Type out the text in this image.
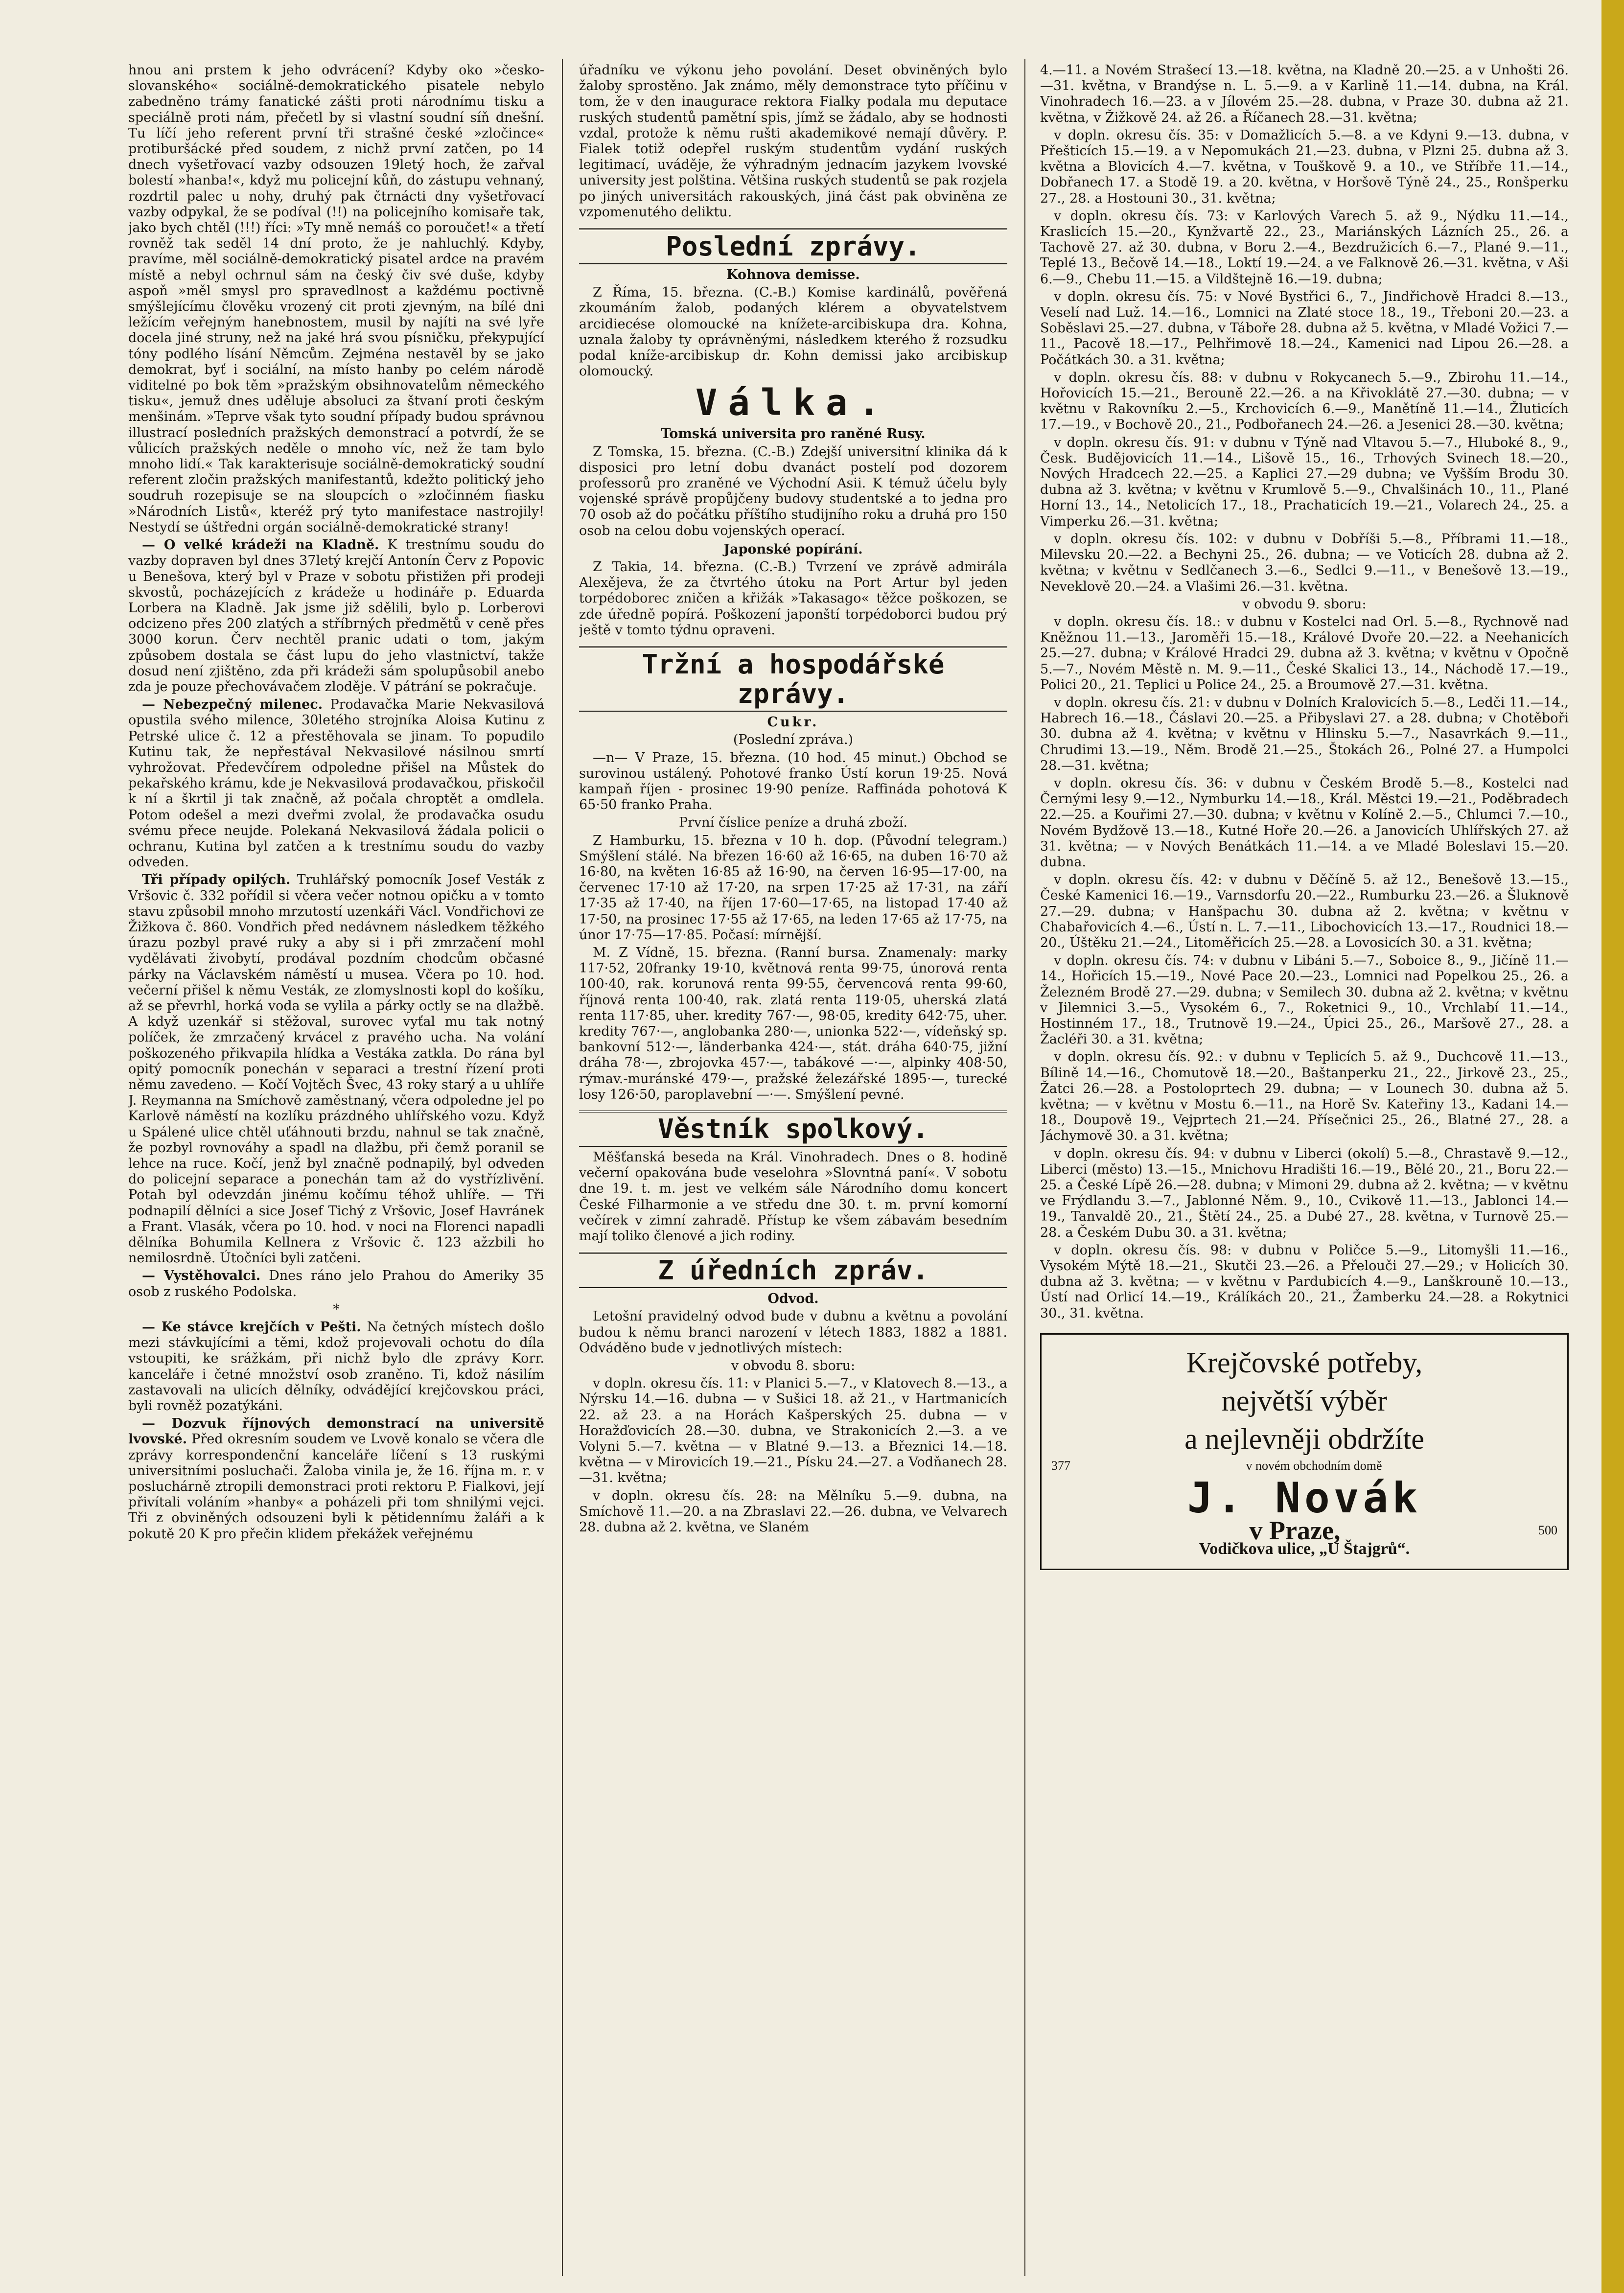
hnou ani prstem k jeho odvrácení? Kdyby oko »česko-slovanského« sociálně-demokratického pisatele nebylo zabedněno trámy fanatické zášti proti národnímu tisku a speciálně proti nám, přečetl by si vlastní soudní síň dnešní. Tu líčí jeho referent první tři strašné české »zločince« protiburšácké před soudem, z nichž první zatčen, po 14 dnech vyšetřovací vazby odsouzen 19letý hoch, že zařval bolestí »hanba!«, když mu policejní kůň, do zástupu vehnaný, rozdrtil palec u nohy, druhý pak čtrnácti dny vyšetřovací vazby odpykal, že se podíval (!!) na policejního komisaře tak, jako bych chtěl (!!!) říci: »Ty mně nemáš co poroučet!« a třetí rovněž tak seděl 14 dní proto, že je nahluchlý. Kdyby, pravíme, měl sociálně-demokratický pisatel ardce na pravém místě a nebyl ochrnul sám na český čiv své duše, kdyby aspoň »měl smysl pro spravedlnost a každému poctivně smýšlejícímu člověku vrozený cit proti zjevným, na bílé dni ležícím veřejným hanebnostem, musil by najíti na své lyře docela jiné struny, než na jaké hrá svou písničku, překypující tóny podlého lísání Němcům. Zejména nestavěl by se jako demokrat, byť i sociální, na místo hanby po celém národě viditelné po bok těm »pražským obsihnovatelům německého tisku«, jemuž dnes uděluje absoluci za štvaní proti českým menšinám. »Teprve však tyto soudní případy budou správnou illustrací posledních pražských demonstrací a potvrdí, že se vůlicích pražských neděle o mnoho víc, než že tam bylo mnoho lidí.« Tak karakterisuje sociálně-demokratický soudní referent zločin pražských manifestantů, kdežto politický jeho soudruh rozepisuje se na sloupcích o »zločinném fiasku »Národních Listů«, kteréž prý tyto manifestace nastrojily! Nestydí se úštředni orgán sociálně-demokratické strany!

— O velké krádeži na Kladně. K trestnímu soudu do vazby dopraven byl dnes 37letý krejčí Antonín Červ z Popovic u Benešova, který byl v Praze v sobotu přistižen při prodeji skvostů, pocházejících z krádeže u hodináře p. Eduarda Lorbera na Kladně. Jak jsme již sdělili, bylo p. Lorberovi odcizeno přes 200 zlatých a stříbrných předmětů v ceně přes 3000 korun. Červ nechtěl pranic udati o tom, jakým způsobem dostala se část lupu do jeho vlastnictví, takže dosud není zjištěno, zda při krádeži sám spolupůsobil anebo zda je pouze přechovávačem zloděje. V pátrání se pokračuje.

— Nebezpečný milenec. Prodavačka Marie Nekvasilová opustila svého milence, 30letého strojníka Aloisa Kutinu z Petrské ulice č. 12 a přestěhovala se jinam. To popudilo Kutinu tak, že nepřestával Nekvasilové násilnou smrtí vyhrožovat. Předevčírem odpoledne přišel na Můstek do pekařského krámu, kde je Nekvasilová prodavačkou, přiskočil k ní a škrtil ji tak značně, až počala chroptět a omdlela. Potom odešel a mezi dveřmi zvolal, že prodavačka osudu svému přece neujde. Polekaná Nekvasilová žádala policii o ochranu, Kutina byl zatčen a k trestnímu soudu do vazby odveden.

Tři případy opilých. Truhlářský pomocník Josef Vesták z Vršovic č. 332 pořídil si včera večer notnou opičku a v tomto stavu způsobil mnoho mrzutostí uzenkáři Václ. Vondřichovi ze Žižkova č. 860. Vondřich před nedávnem následkem těžkého úrazu pozbyl pravé ruky a aby si i při zmrzačení mohl vydělávati živobytí, prodával pozdním chodcům občasné párky na Václavském náměstí u musea. Včera po 10. hod. večerní přišel k němu Vesták, ze zlomyslnosti kopl do košíku, až se převrhl, horká voda se vylila a párky octly se na dlažbě. A když uzenkář si stěžoval, surovec vyťal mu tak notný políček, že zmrzačený krvácel z pravého ucha. Na volání poškozeného přikvapila hlídka a Vestáka zatkla. Do rána byl opitý pomocník ponechán v separaci a trestní řízení proti němu zavedeno. — Kočí Vojtěch Švec, 43 roky starý a u uhlíře J. Reymanna na Smíchově zaměstnaný, včera odpoledne jel po Karlově náměstí na kozlíku prázdného uhlířského vozu. Když u Spálené ulice chtěl uťáhnouti brzdu, nahnul se tak značně, že pozbyl rovnováhy a spadl na dlažbu, při čemž poranil se lehce na ruce. Kočí, jenž byl značně podnapilý, byl odveden do policejní separace a ponechán tam až do vystřízlivění. Potah byl odevzdán jinému kočímu téhož uhlíře. — Tři podnapilí dělníci a sice Josef Tichý z Vršovic, Josef Havránek a Frant. Vlasák, včera po 10. hod. v noci na Florenci napadli dělníka Bohumila Kellnera z Vršovic č. 123 ažzbili ho nemilosrdně. Útočníci byli zatčeni.

— Vystěhovalci. Dnes ráno jelo Prahou do Ameriky 35 osob z ruského Podolska.

*

— Ke stávce krejčích v Pešti. Na četných místech došlo mezi stávkujícími a těmi, kdož projevovali ochotu do díla vstoupiti, ke srážkám, při nichž bylo dle zprávy Korr. kanceláře i četné množství osob zraněno. Ti, kdož násilím zastavovali na ulicích dělníky, odvádějící krejčovskou práci, byli rovněž pozatýkáni.

— Dozvuk říjnových demonstrací na universitě lvovské. Před okresním soudem ve Lvově konalo se včera dle zprávy korrespondenční kanceláře líčení s 13 ruskými universitními posluchači. Žaloba vinila je, že 16. října m. r. v posluchárně ztropili demonstraci proti rektoru P. Fialkovi, její přivítali voláním »hanby« a poházeli při tom shnilými vejci. Tři z obviněných odsouzeni byli k pětidennímu žaláři a k pokutě 20 K pro přečin klidem překážek veřejnému

úřadníku ve výkonu jeho povolání. Deset obviněných bylo žaloby sprostěno. Jak známo, měly demonstrace tyto příčinu v tom, že v den inaugurace rektora Fialky podala mu deputace ruských studentů pamětní spis, jímž se žádalo, aby se hodnosti vzdal, protože k němu rušti akademikové nemají důvěry. P. Fialek totiž odepřel ruským studentům vydání ruských legitimací, uváděje, že výhradným jednacím jazykem lvovské university jest polština. Většina ruských studentů se pak rozjela po jiných universitách rakouských, jiná část pak obviněna ze vzpomenutého deliktu.

Poslední zprávy.
Kohnova demisse.

Z Říma, 15. března. (C.-B.) Komise kardinálů, pověřená zkoumáním žalob, podaných klérem a obyvatelstvem arcidiecése olomoucké na knížete-arcibiskupa dra. Kohna, uznala žaloby ty oprávněnými, následkem kterého ž rozsudku podal kníže-arcibiskup dr. Kohn demissi jako arcibiskup olomoucký.

Válka.
Tomská universita pro raněné Rusy.

Z Tomska, 15. března. (C.-B.) Zdejší universitní klinika dá k disposici pro letní dobu dvanáct postelí pod dozorem professorů pro zraněné ve Východní Asii. K témuž účelu byly vojenské správě propůjčeny budovy studentské a to jedna pro 70 osob až do počátku příštího studijního roku a druhá pro 150 osob na celou dobu vojenských operací.

Japonské popírání.

Z Takia, 14. března. (C.-B.) Tvrzení ve zprávě admirála Alexějeva, že za čtvrtého útoku na Port Artur byl jeden torpédoborec zničen a křižák »Takasago« těžce poškozen, se zde úředně popírá. Poškození japonští torpédoborci budou prý ještě v tomto týdnu opraveni.

Tržní a hospodářské zprávy.
Cukr.

(Poslední zpráva.)

—n— V Praze, 15. března. (10 hod. 45 minut.) Obchod se surovinou ustálený. Pohotové franko Ústí korun 19·25. Nová kampaň říjen - prosinec 19·90 peníze. Raffináda pohotová K 65·50 franko Praha.

První číslice peníze a druhá zboží.

Z Hamburku, 15. března v 10 h. dop. (Původní telegram.) Smýšlení stálé. Na březen 16·60 až 16·65, na duben 16·70 až 16·80, na květen 16·85 až 16·90, na červen 16·95—17·00, na červenec 17·10 až 17·20, na srpen 17·25 až 17·31, na září 17·35 až 17·40, na říjen 17·60—17·65, na listopad 17·40 až 17·50, na prosinec 17·55 až 17·65, na leden 17·65 až 17·75, na únor 17·75—17·85. Počasí: mírnější.

M. Z Vídně, 15. března. (Ranní bursa. Znamenaly: marky 117·52, 20franky 19·10, květnová renta 99·75, únorová renta 100·40, rak. korunová renta 99·55, červencová renta 99·60, říjnová renta 100·40, rak. zlatá renta 119·05, uherská zlatá renta 117·85, uher. kredity 767·—, 98·05, kredity 642·75, uher. kredity 767·—, anglobanka 280·—, unionka 522·—, vídeňský sp. bankovní 512·—, länderbanka 424·—, stát. dráha 640·75, jižní dráha 78·—, zbrojovka 457·—, tabákové —·—, alpinky 408·50, rýmav.-muránské 479·—, pražské železářské 1895·—, turecké losy 126·50, paroplavební —·—. Smýšlení pevné.

Věstník spolkový.

Měšťanská beseda na Král. Vinohradech. Dnes o 8. hodině večerní opakována bude veselohra »Slovntná paní«. V sobotu dne 19. t. m. jest ve velkém sále Národního domu koncert České Filharmonie a ve středu dne 30. t. m. první komorní večírek v zimní zahradě. Přístup ke všem zábavám besedním mají toliko členové a jich rodiny.

Z úředních zpráv.
Odvod.

Letošní pravidelný odvod bude v dubnu a květnu a povolání budou k němu branci narození v létech 1883, 1882 a 1881. Odváděno bude v jednotlivých místech:

v obvodu 8. sboru:

v dopln. okresu čís. 11: v Planici 5.—7., v Klatovech 8.—13., a Nýrsku 14.—16. dubna — v Sušici 18. až 21., v Hartmanicích 22. až 23. a na Horách Kašperských 25. dubna — v Horažďovicích 28.—30. dubna, ve Strakonicích 2.—3. a ve Volyni 5.—7. května — v Blatné 9.—13. a Březnici 14.—18. května — v Mirovicích 19.—21., Písku 24.—27. a Vodňanech 28.—31. května;

v dopln. okresu čís. 28: na Mělníku 5.—9. dubna, na Smíchově 11.—20. a na Zbraslavi 22.—26. dubna, ve Velvarech 28. dubna až 2. května, ve Slaném

4.—11. a Novém Strašecí 13.—18. května, na Kladně 20.—25. a v Unhošti 26.—31. května, v Brandýse n. L. 5.—9. a v Karlině 11.—14. dubna, na Král. Vinohradech 16.—23. a v Jílovém 25.—28. dubna, v Praze 30. dubna až 21. května, v Žižkově 24. až 26. a Říčanech 28.—31. května;

v dopln. okresu čís. 35: v Domažlicích 5.—8. a ve Kdyni 9.—13. dubna, v Přešticích 15.—19. a v Nepomukách 21.—23. dubna, v Plzni 25. dubna až 3. května a Blovicích 4.—7. května, v Touškově 9. a 10., ve Stříbře 11.—14., Dobřanech 17. a Stodě 19. a 20. května, v Horšově Týně 24., 25., Ronšperku 27., 28. a Hostouni 30., 31. května;

v dopln. okresu čís. 73: v Karlových Varech 5. až 9., Nýdku 11.—14., Kraslicích 15.—20., Kynžvartě 22., 23., Mariánských Lázních 25., 26. a Tachově 27. až 30. dubna, v Boru 2.—4., Bezdružicích 6.—7., Plané 9.—11., Teplé 13., Bečově 14.—18., Loktí 19.—24. a ve Falknově 26.—31. května, v Aši 6.—9., Chebu 11.—15. a Vildštejně 16.—19. dubna;

v dopln. okresu čís. 75: v Nové Bystřici 6., 7., Jindřichově Hradci 8.—13., Veselí nad Luž. 14.—16., Lomnici na Zlaté stoce 18., 19., Třeboni 20.—23. a Soběslavi 25.—27. dubna, v Táboře 28. dubna až 5. května, v Mladé Vožici 7.—11., Pacově 18.—17., Pelhřimově 18.—24., Kamenici nad Lipou 26.—28. a Počátkách 30. a 31. května;

v dopln. okresu čís. 88: v dubnu v Rokycanech 5.—9., Zbirohu 11.—14., Hořovicích 15.—21., Berouně 22.—26. a na Křivoklátě 27.—30. dubna; — v květnu v Rakovníku 2.—5., Krchovicích 6.—9., Manětíně 11.—14., Žluticích 17.—19., v Bochově 20., 21., Podbořanech 24.—26. a Jesenici 28.—30. května;

v dopln. okresu čís. 91: v dubnu v Týně nad Vltavou 5.—7., Hluboké 8., 9., Česk. Budějovicích 11.—14., Lišově 15., 16., Trhových Svinech 18.—20., Nových Hradcech 22.—25. a Kaplici 27.—29 dubna; ve Vyšším Brodu 30. dubna až 3. května; v květnu v Krumlově 5.—9., Chvalšinách 10., 11., Plané Horní 13., 14., Netolicích 17., 18., Prachaticích 19.—21., Volarech 24., 25. a Vimperku 26.—31. května;

v dopln. okresu čís. 102: v dubnu v Dobříši 5.—8., Příbrami 11.—18., Milevsku 20.—22. a Bechyni 25., 26. dubna; — ve Voticích 28. dubna až 2. května; v květnu v Sedlčanech 3.—6., Sedlci 9.—11., v Benešově 13.—19., Neveklově 20.—24. a Vlašimi 26.—31. května.

v obvodu 9. sboru:

v dopln. okresu čís. 18.: v dubnu v Kostelci nad Orl. 5.—8., Rychnově nad Kněžnou 11.—13., Jaroměři 15.—18., Králové Dvoře 20.—22. a Neehanicích 25.—27. dubna; v Králové Hradci 29. dubna až 3. května; v květnu v Opočně 5.—7., Novém Městě n. M. 9.—11., České Skalici 13., 14., Náchodě 17.—19., Polici 20., 21. Teplici u Police 24., 25. a Broumově 27.—31. května.

v dopln. okresu čís. 21: v dubnu v Dolních Kralovicích 5.—8., Ledči 11.—14., Habrech 16.—18., Čáslavi 20.—25. a Přibyslavi 27. a 28. dubna; v Chotěboři 30. dubna až 4. května; v květnu v Hlinsku 5.—7., Nasavrkách 9.—11., Chrudimi 13.—19., Něm. Brodě 21.—25., Štokách 26., Polné 27. a Humpolci 28.—31. května;

v dopln. okresu čís. 36: v dubnu v Českém Brodě 5.—8., Kostelci nad Černými lesy 9.—12., Nymburku 14.—18., Král. Městci 19.—21., Poděbradech 22.—25. a Kouřimi 27.—30. dubna; v květnu v Kolíně 2.—5., Chlumci 7.—10., Novém Bydžově 13.—18., Kutné Hoře 20.—26. a Janovicích Uhlířských 27. až 31. května; — v Nových Benátkách 11.—14. a ve Mladé Boleslavi 15.—20. dubna.

v dopln. okresu čís. 42: v dubnu v Děčíně 5. až 12., Benešově 13.—15., České Kamenici 16.—19., Varnsdorfu 20.—22., Rumburku 23.—26. a Šluknově 27.—29. dubna; v Hanšpachu 30. dubna až 2. května; v květnu v Chabařovicích 4.—6., Ústí n. L. 7.—11., Libochovicích 13.—17., Roudnici 18.—20., Úštěku 21.—24., Litoměřicích 25.—28. a Lovosicích 30. a 31. května;

v dopln. okresu čís. 74: v dubnu v Libáni 5.—7., Soboice 8., 9., Jičíně 11.—14., Hořicích 15.—19., Nové Pace 20.—23., Lomnici nad Popelkou 25., 26. a Železném Brodě 27.—29. dubna; v Semilech 30. dubna až 2. května; v květnu v Jilemnici 3.—5., Vysokém 6., 7., Roketnici 9., 10., Vrchlabí 11.—14., Hostinném 17., 18., Trutnově 19.—24., Úpici 25., 26., Maršově 27., 28. a Žacléři 30. a 31. května;

v dopln. okresu čís. 92.: v dubnu v Teplicích 5. až 9., Duchcově 11.—13., Bílině 14.—16., Chomutově 18.—20., Baštanperku 21., 22., Jirkově 23., 25., Žatci 26.—28. a Postoloprtech 29. dubna; — v Lounech 30. dubna až 5. května; — v květnu v Mostu 6.—11., na Horě Sv. Kateřiny 13., Kadani 14.—18., Doupově 19., Vejprtech 21.—24. Přísečnici 25., 26., Blatné 27., 28. a Jáchymově 30. a 31. května;

v dopln. okresu čís. 94: v dubnu v Liberci (okolí) 5.—8., Chrastavě 9.—12., Liberci (město) 13.—15., Mnichovu Hradišti 16.—19., Bělé 20., 21., Boru 22.—25. a České Lípě 26.—28. dubna; v Mimoni 29. dubna až 2. května; — v květnu ve Frýdlandu 3.—7., Jablonné Něm. 9., 10., Cvikově 11.—13., Jablonci 14.—19., Tanvaldě 20., 21., Štětí 24., 25. a Dubé 27., 28. května, v Turnově 25.—28. a Českém Dubu 30. a 31. května;

v dopln. okresu čís. 98: v dubnu v Poličce 5.—9., Litomyšli 11.—16., Vysokém Mýtě 18.—21., Skutči 23.—26. a Přelouči 27.—29.; v Holicích 30. dubna až 3. května; — v květnu v Pardubicích 4.—9., Lanškrouně 10.—13., Ústí nad Orlicí 14.—19., Králíkách 20., 21., Žamberku 24.—28. a Rokytnici 30., 31. května.

Krejčovské potřeby,
největší výběr
a nejlevněji obdržíte
377	v novém obchodním domě
J. Novák
v Praze,	500
Vodičkova ulice, „U Štajgrů“.
